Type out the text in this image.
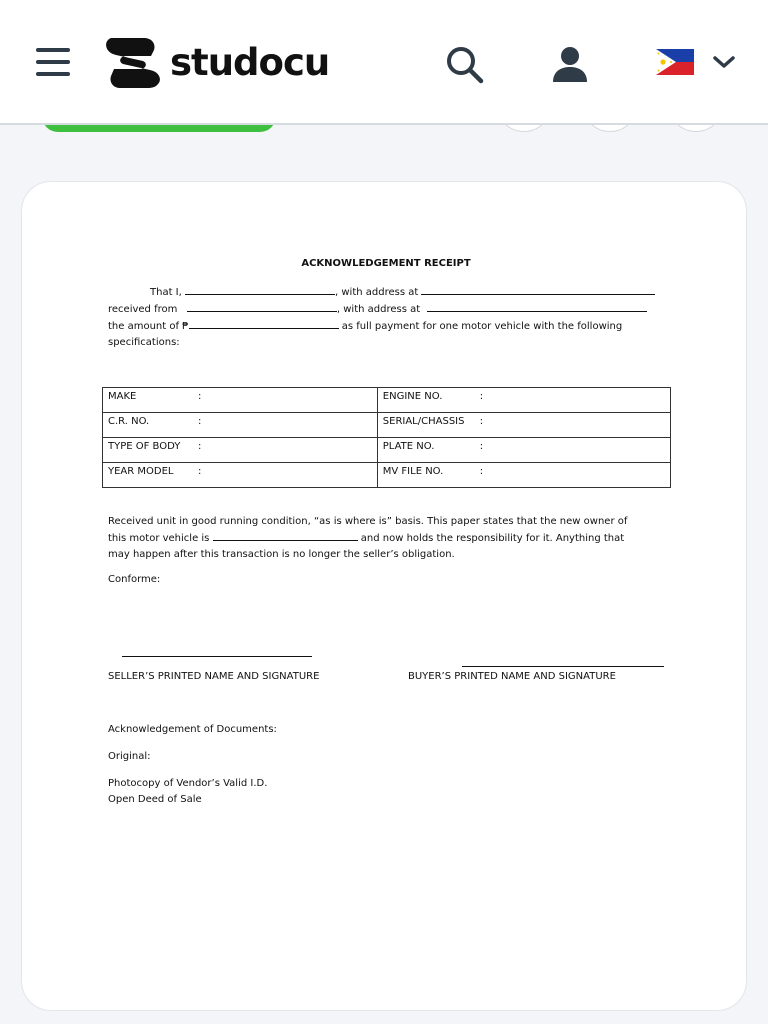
studocu
ACKNOWLEDGEMENT RECEIPT
That I,	, with address at
received from	, with address at
the amount of ₱	as full payment for one motor vehicle with the following
specifications:
MAKE :	ENGINE NO. :
C.R. NO. :	SERIAL/CHASSIS :
TYPE OF BODY :	PLATE NO. :
YEAR MODEL :	MV FILE NO. :
Received unit in good running condition, “as is where is” basis. This paper states that the new owner of
this motor vehicle is	and now holds the responsibility for it. Anything that
may happen after this transaction is no longer the seller’s obligation.
Conforme:
SELLER’S PRINTED NAME AND SIGNATURE	BUYER’S PRINTED NAME AND SIGNATURE
Acknowledgement of Documents:
Original:
Photocopy of Vendor’s Valid I.D.
Open Deed of Sale
